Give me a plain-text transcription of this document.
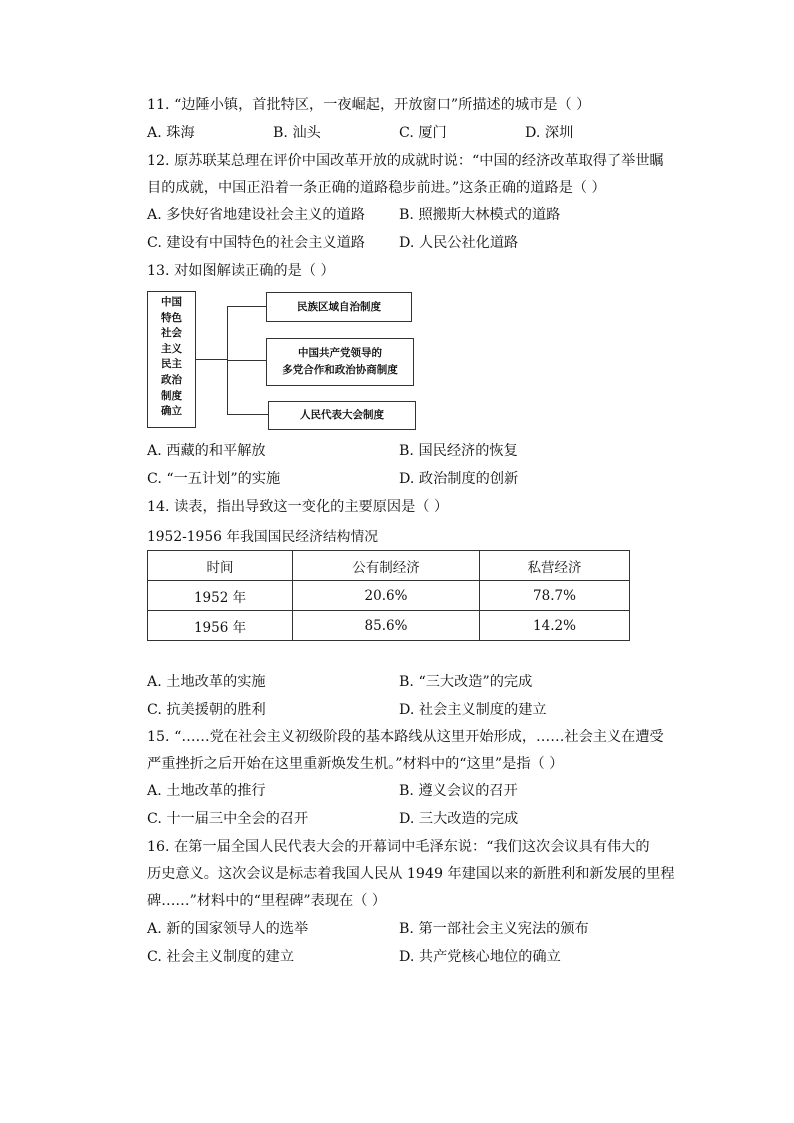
11. “边陲小镇，首批特区，一夜崛起，开放窗口”所描述的城市是（ ）
A. 珠海	B. 汕头	C. 厦门	D. 深圳
12. 原苏联某总理在评价中国改革开放的成就时说：“中国的经济改革取得了举世瞩
目的成就，中国正沿着一条正确的道路稳步前进。”这条正确的道路是（ ）
A. 多快好省地建设社会主义的道路 B. 照搬斯大林模式的道路
C. 建设有中国特色的社会主义道路 D. 人民公社化道路
13. 对如图解读正确的是（ ）
中国
特色
社会
主义
民主
政治
制度
确立
民族区域自治制度
中国共产党领导的
多党合作和政治协商制度
人民代表大会制度
A. 西藏的和平解放	B. 国民经济的恢复
C. “一五计划”的实施	D. 政治制度的创新
14. 读表，指出导致这一变化的主要原因是（ ）
1952-1956 年我国国民经济结构情况
时间	公有制经济	私营经济
1952 年	20.6%	78.7%
1956 年	85.6%	14.2%
A. 土地改革的实施	B. “三大改造”的完成
C. 抗美援朝的胜利	D. 社会主义制度的建立
15. “……党在社会主义初级阶段的基本路线从这里开始形成，……社会主义在遭受
严重挫折之后开始在这里重新焕发生机。”材料中的“这里”是指（ ）
A. 土地改革的推行	B. 遵义会议的召开
C. 十一届三中全会的召开	D. 三大改造的完成
16. 在第一届全国人民代表大会的开幕词中毛泽东说：“我们这次会议具有伟大的
历史意义。这次会议是标志着我国人民从 1949 年建国以来的新胜利和新发展的里程
碑……”材料中的“里程碑”表现在（ ）
A. 新的国家领导人的选举	B. 第一部社会主义宪法的颁布
C. 社会主义制度的建立	D. 共产党核心地位的确立
